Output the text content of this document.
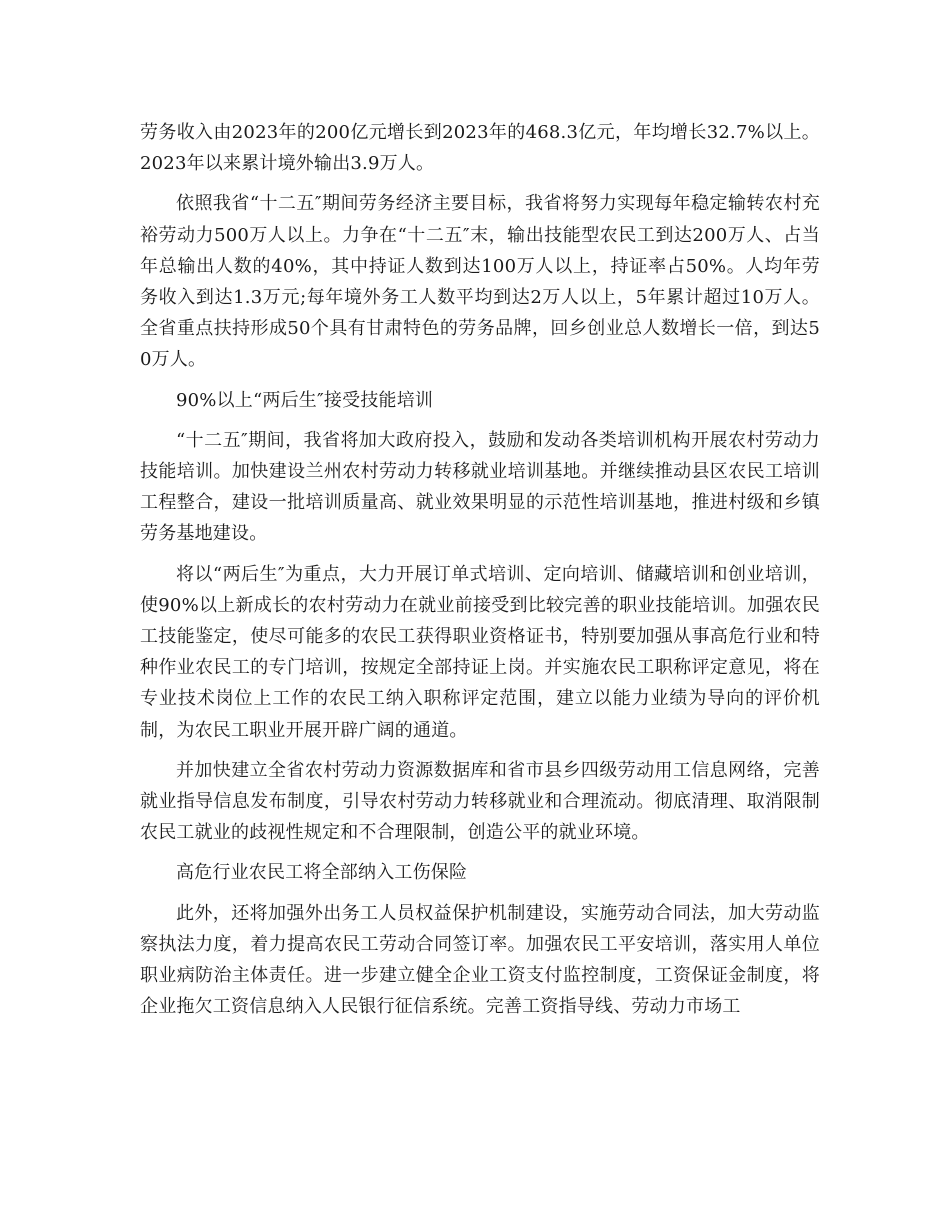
劳务收入由2023年的200亿元增长到2023年的468.3亿元，年均增长32.7%以上。2023年以来累计境外输出3.9万人。

依照我省“十二五″期间劳务经济主要目标，我省将努力实现每年稳定输转农村充裕劳动力500万人以上。力争在“十二五″末，输出技能型农民工到达200万人、占当年总输出人数的40%，其中持证人数到达100万人以上，持证率占50%。人均年劳务收入到达1.3万元;每年境外务工人数平均到达2万人以上，5年累计超过10万人。全省重点扶持形成50个具有甘肃特色的劳务品牌，回乡创业总人数增长一倍，到达50万人。

90%以上“两后生″接受技能培训

“十二五″期间，我省将加大政府投入，鼓励和发动各类培训机构开展农村劳动力技能培训。加快建设兰州农村劳动力转移就业培训基地。并继续推动县区农民工培训工程整合，建设一批培训质量高、就业效果明显的示范性培训基地，推进村级和乡镇劳务基地建设。

将以“两后生″为重点，大力开展订单式培训、定向培训、储藏培训和创业培训，使90%以上新成长的农村劳动力在就业前接受到比较完善的职业技能培训。加强农民工技能鉴定，使尽可能多的农民工获得职业资格证书，特别要加强从事高危行业和特种作业农民工的专门培训，按规定全部持证上岗。并实施农民工职称评定意见，将在专业技术岗位上工作的农民工纳入职称评定范围，建立以能力业绩为导向的评价机制，为农民工职业开展开辟广阔的通道。

并加快建立全省农村劳动力资源数据库和省市县乡四级劳动用工信息网络，完善就业指导信息发布制度，引导农村劳动力转移就业和合理流动。彻底清理、取消限制农民工就业的歧视性规定和不合理限制，创造公平的就业环境。

高危行业农民工将全部纳入工伤保险

此外，还将加强外出务工人员权益保护机制建设，实施劳动合同法，加大劳动监察执法力度，着力提高农民工劳动合同签订率。加强农民工平安培训，落实用人单位职业病防治主体责任。进一步建立健全企业工资支付监控制度，工资保证金制度，将企业拖欠工资信息纳入人民银行征信系统。完善工资指导线、劳动力市场工
